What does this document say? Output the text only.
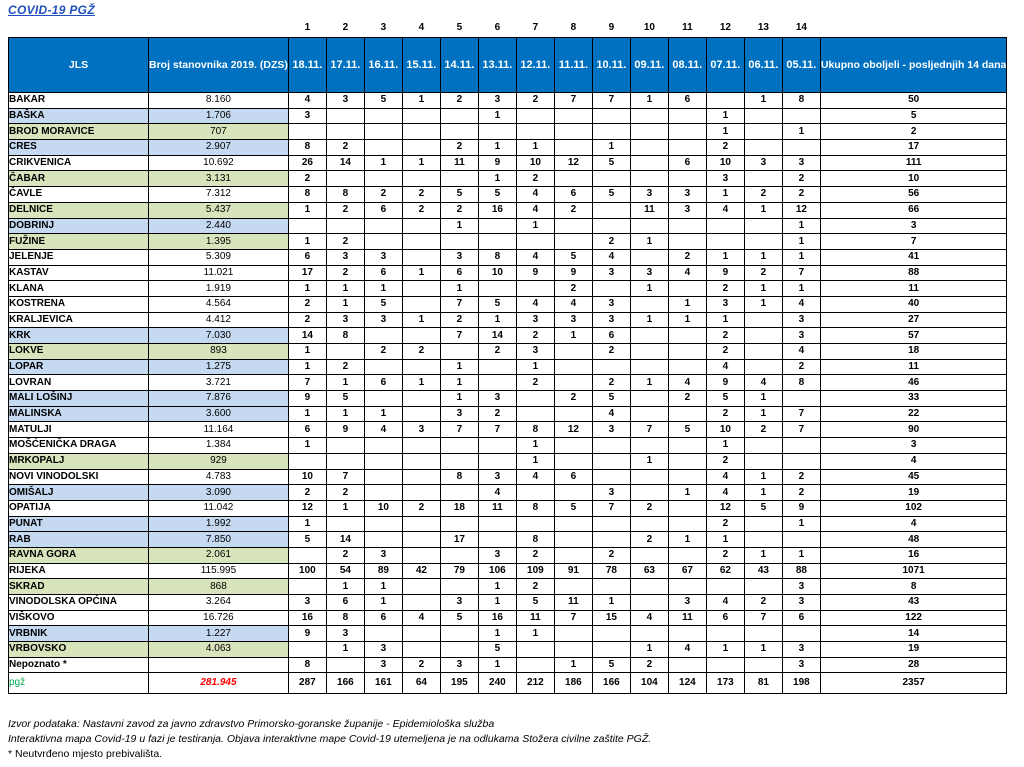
COVID-19 PGŽ
		1	2	3	4	5	6	7	8	9	10	11	12	13	14	
JLS	Broj stanovnika 2019. (DZS)	18.11.	17.11.	16.11.	15.11.	14.11.	13.11.	12.11.	11.11.	10.11.	09.11.	08.11.	07.11.	06.11.	05.11.	Ukupno oboljeli - posljednjih 14 dana
BAKAR	8.160	4	3	5	1	2	3	2	7	7	1	6		1	8	50
BAŠKA	1.706	3					1						1			5
BROD MORAVICE	707												1		1	2
CRES	2.907	8	2			2	1	1		1			2			17
CRIKVENICA	10.692	26	14	1	1	11	9	10	12	5		6	10	3	3	111
ČABAR	3.131	2					1	2					3		2	10
ČAVLE	7.312	8	8	2	2	5	5	4	6	5	3	3	1	2	2	56
DELNICE	5.437	1	2	6	2	2	16	4	2		11	3	4	1	12	66
DOBRINJ	2.440					1		1							1	3
FUŽINE	1.395	1	2							2	1				1	7
JELENJE	5.309	6	3	3		3	8	4	5	4		2	1	1	1	41
KASTAV	11.021	17	2	6	1	6	10	9	9	3	3	4	9	2	7	88
KLANA	1.919	1	1	1		1			2		1		2	1	1	11
KOSTRENA	4.564	2	1	5		7	5	4	4	3		1	3	1	4	40
KRALJEVICA	4.412	2	3	3	1	2	1	3	3	3	1	1	1		3	27
KRK	7.030	14	8			7	14	2	1	6			2		3	57
LOKVE	893	1		2	2		2	3		2			2		4	18
LOPAR	1.275	1	2			1		1					4		2	11
LOVRAN	3.721	7	1	6	1	1		2		2	1	4	9	4	8	46
MALI LOŠINJ	7.876	9	5			1	3		2	5		2	5	1		33
MALINSKA	3.600	1	1	1		3	2			4			2	1	7	22
MATULJI	11.164	6	9	4	3	7	7	8	12	3	7	5	10	2	7	90
MOŠĆENIČKA DRAGA	1.384	1						1					1			3
MRKOPALJ	929							1			1		2			4
NOVI VINODOLSKI	4.783	10	7			8	3	4	6				4	1	2	45
OMIŠALJ	3.090	2	2				4			3		1	4	1	2	19
OPATIJA	11.042	12	1	10	2	18	11	8	5	7	2		12	5	9	102
PUNAT	1.992	1											2		1	4
RAB	7.850	5	14			17		8			2	1	1			48
RAVNA GORA	2.061		2	3			3	2		2			2	1	1	16
RIJEKA	115.995	100	54	89	42	79	106	109	91	78	63	67	62	43	88	1071
SKRAD	868		1	1			1	2							3	8
VINODOLSKA OPĆINA	3.264	3	6	1		3	1	5	11	1		3	4	2	3	43
VIŠKOVO	16.726	16	8	6	4	5	16	11	7	15	4	11	6	7	6	122
VRBNIK	1.227	9	3				1	1								14
VRBOVSKO	4.063		1	3			5				1	4	1	1	3	19
Nepoznato *		8		3	2	3	1		1	5	2				3	28
pgž	281.945	287	166	161	64	195	240	212	186	166	104	124	173	81	198	2357
Izvor podataka: Nastavni zavod za javno zdravstvo Primorsko-goranske županije - Epidemiološka služba
Interaktivna mapa Covid-19 u fazi je testiranja. Objava interaktivne mape Covid-19 utemeljena je na odlukama Stožera civilne zaštite PGŽ.
* Neutvrđeno mjesto prebivališta.
